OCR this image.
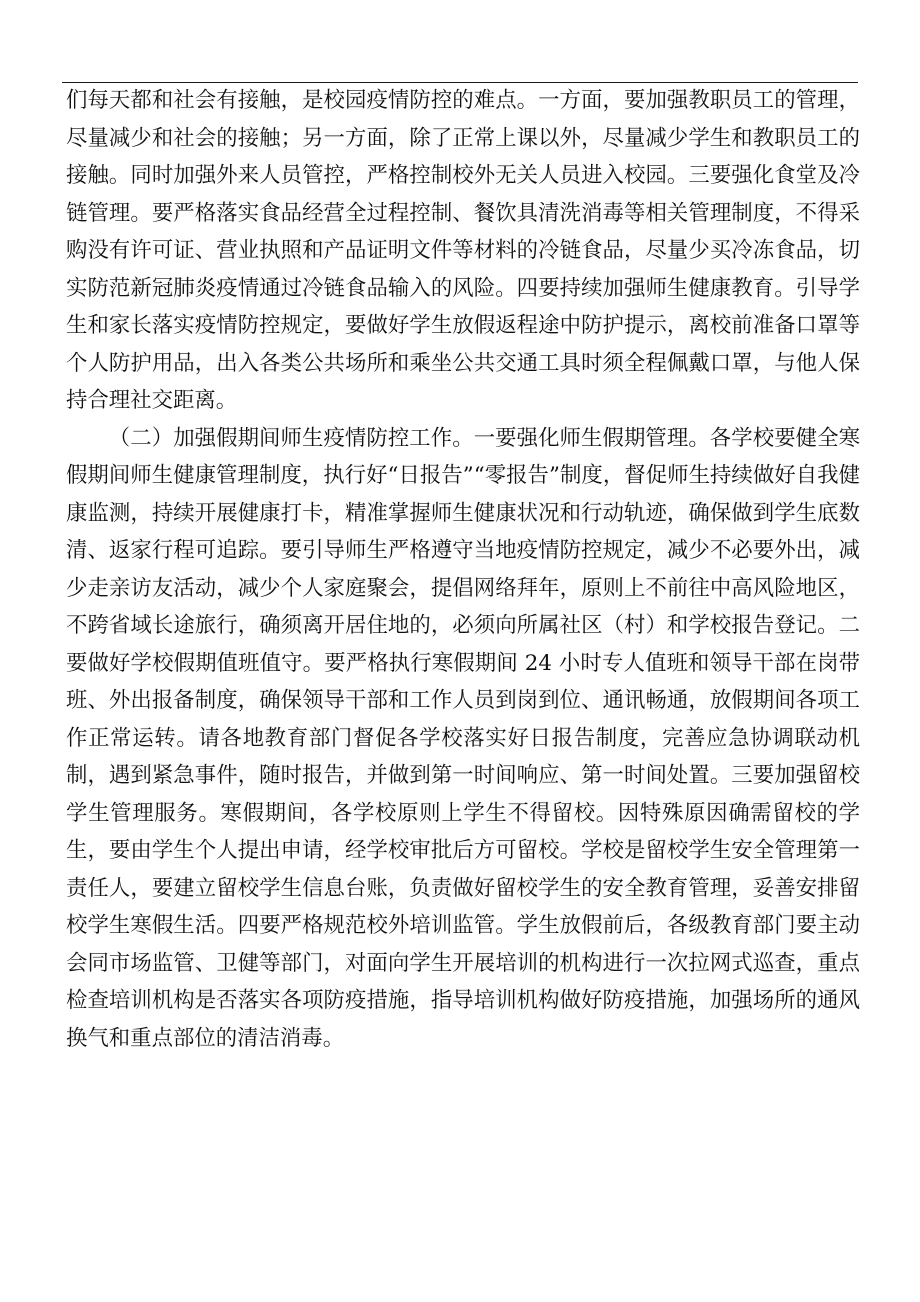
们每天都和社会有接触，是校园疫情防控的难点。一方面，要加强教职员工的管理，尽量减少和社会的接触；另一方面，除了正常上课以外，尽量减少学生和教职员工的接触。同时加强外来人员管控，严格控制校外无关人员进入校园。三要强化食堂及冷链管理。要严格落实食品经营全过程控制、餐饮具清洗消毒等相关管理制度，不得采购没有许可证、营业执照和产品证明文件等材料的冷链食品，尽量少买冷冻食品，切实防范新冠肺炎疫情通过冷链食品输入的风险。四要持续加强师生健康教育。引导学生和家长落实疫情防控规定，要做好学生放假返程途中防护提示，离校前准备口罩等个人防护用品，出入各类公共场所和乘坐公共交通工具时须全程佩戴口罩，与他人保持合理社交距离。

（二）加强假期间师生疫情防控工作。一要强化师生假期管理。各学校要健全寒假期间师生健康管理制度，执行好“日报告”“零报告”制度，督促师生持续做好自我健康监测，持续开展健康打卡，精准掌握师生健康状况和行动轨迹，确保做到学生底数清、返家行程可追踪。要引导师生严格遵守当地疫情防控规定，减少不必要外出，减少走亲访友活动，减少个人家庭聚会，提倡网络拜年，原则上不前往中高风险地区，不跨省域长途旅行，确须离开居住地的，必须向所属社区（村）和学校报告登记。二要做好学校假期值班值守。要严格执行寒假期间 24 小时专人值班和领导干部在岗带班、外出报备制度，确保领导干部和工作人员到岗到位、通讯畅通，放假期间各项工作正常运转。请各地教育部门督促各学校落实好日报告制度，完善应急协调联动机制，遇到紧急事件，随时报告，并做到第一时间响应、第一时间处置。三要加强留校学生管理服务。寒假期间，各学校原则上学生不得留校。因特殊原因确需留校的学生，要由学生个人提出申请，经学校审批后方可留校。学校是留校学生安全管理第一责任人，要建立留校学生信息台账，负责做好留校学生的安全教育管理，妥善安排留校学生寒假生活。四要严格规范校外培训监管。学生放假前后，各级教育部门要主动会同市场监管、卫健等部门，对面向学生开展培训的机构进行一次拉网式巡查，重点检查培训机构是否落实各项防疫措施，指导培训机构做好防疫措施，加强场所的通风换气和重点部位的清洁消毒。
